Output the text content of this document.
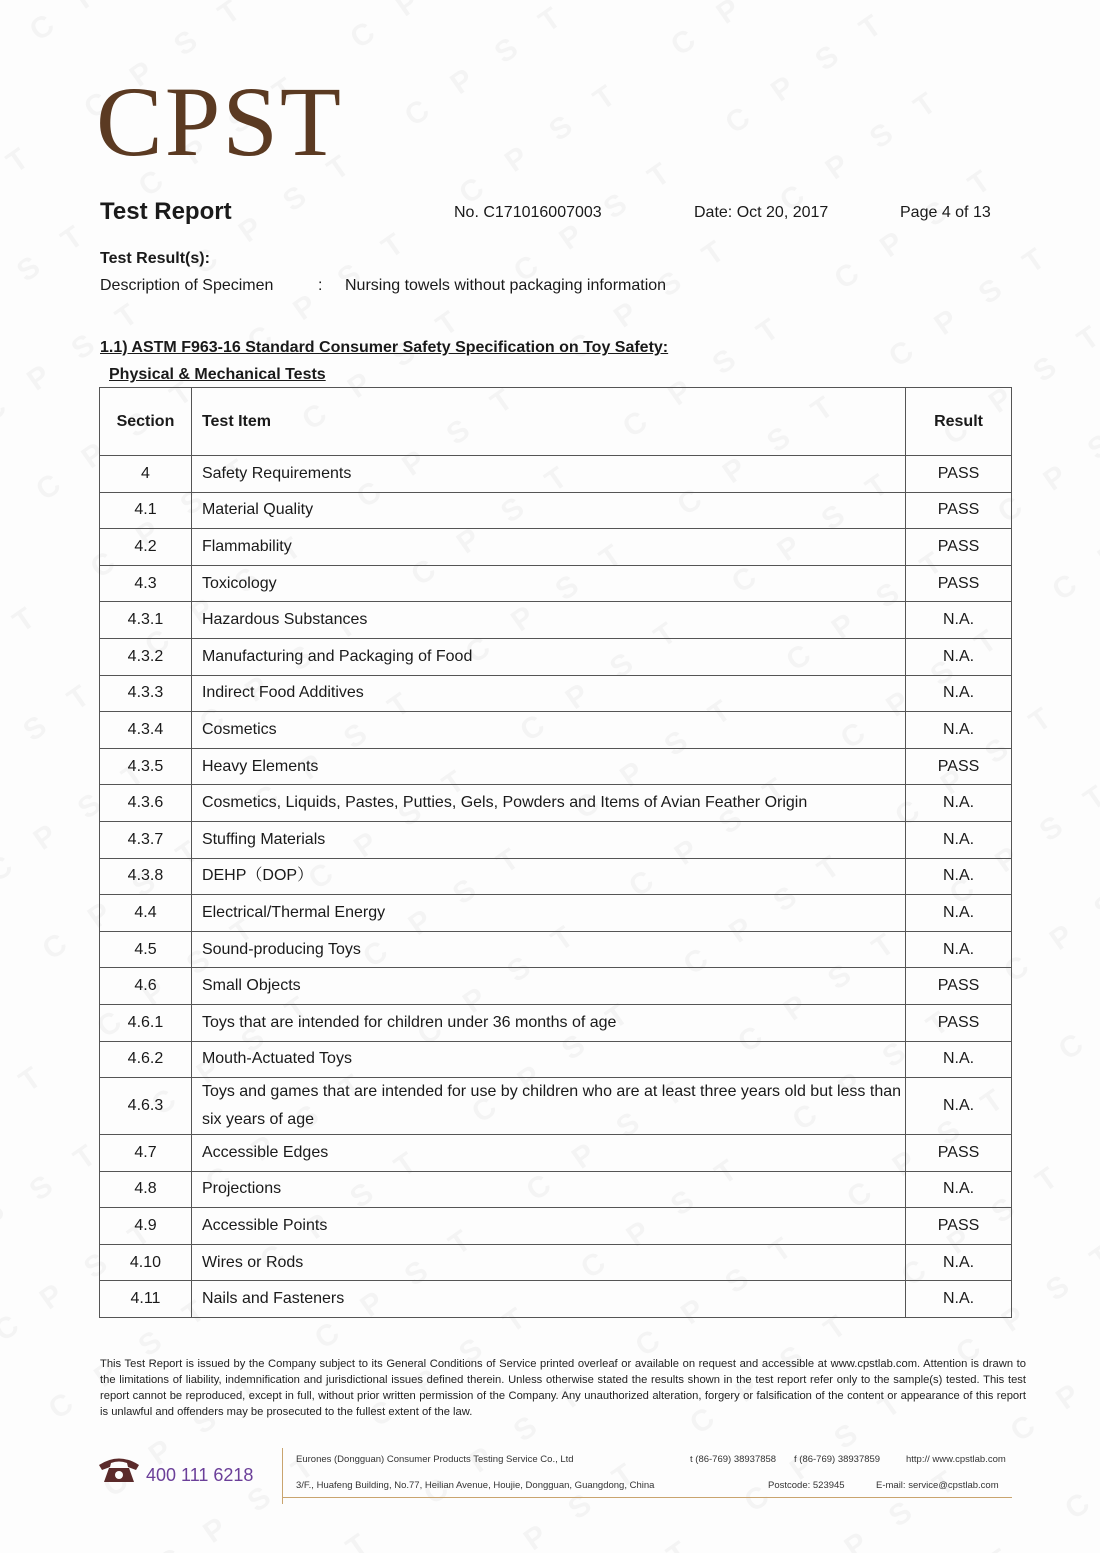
CPST
Test Report	No. C171016007003	Date: Oct 20, 2017	Page 4 of 13
Test Result(s):
Description of Specimen	: Nursing towels without packaging information
1.1) ASTM F963-16 Standard Consumer Safety Specification on Toy Safety:
Physical & Mechanical Tests
Section	Test Item	Result
4	Safety Requirements	PASS
4.1	Material Quality	PASS
4.2	Flammability	PASS
4.3	Toxicology	PASS
4.3.1	Hazardous Substances	N.A.
4.3.2	Manufacturing and Packaging of Food	N.A.
4.3.3	Indirect Food Additives	N.A.
4.3.4	Cosmetics	N.A.
4.3.5	Heavy Elements	PASS
4.3.6	Cosmetics, Liquids, Pastes, Putties, Gels, Powders and Items of Avian Feather Origin	N.A.
4.3.7	Stuffing Materials	N.A.
4.3.8	DEHP（DOP）	N.A.
4.4	Electrical/Thermal Energy	N.A.
4.5	Sound-producing Toys	N.A.
4.6	Small Objects	PASS
4.6.1	Toys that are intended for children under 36 months of age	PASS
4.6.2	Mouth-Actuated Toys	N.A.
4.6.3	Toys and games that are intended for use by children who are at least three years old but less than six years of age	N.A.
4.7	Accessible Edges	PASS
4.8	Projections	N.A.
4.9	Accessible Points	PASS
4.10	Wires or Rods	N.A.
4.11	Nails and Fasteners	N.A.
This Test Report is issued by the Company subject to its General Conditions of Service printed overleaf or available on request and accessible at www.cpstlab.com. Attention is drawn to the limitations of liability, indemnification and jurisdictional issues defined therein. Unless otherwise stated the results shown in the test report refer only to the sample(s) tested. This test report cannot be reproduced, except in full, without prior written permission of the Company. Any unauthorized alteration, forgery or falsification of the content or appearance of this report is unlawful and offenders may be prosecuted to the fullest extent of the law.
400 111 6218
Eurones (Dongguan) Consumer Products Testing Service Co., Ltd	t (86-769) 38937858 f (86-769) 38937859	http:// www.cpstlab.com
3/F., Huafeng Building, No.77, Heilian Avenue, Houjie, Dongguan, Guangdong, China	Postcode: 523945	E-mail: service@cpstlab.com
